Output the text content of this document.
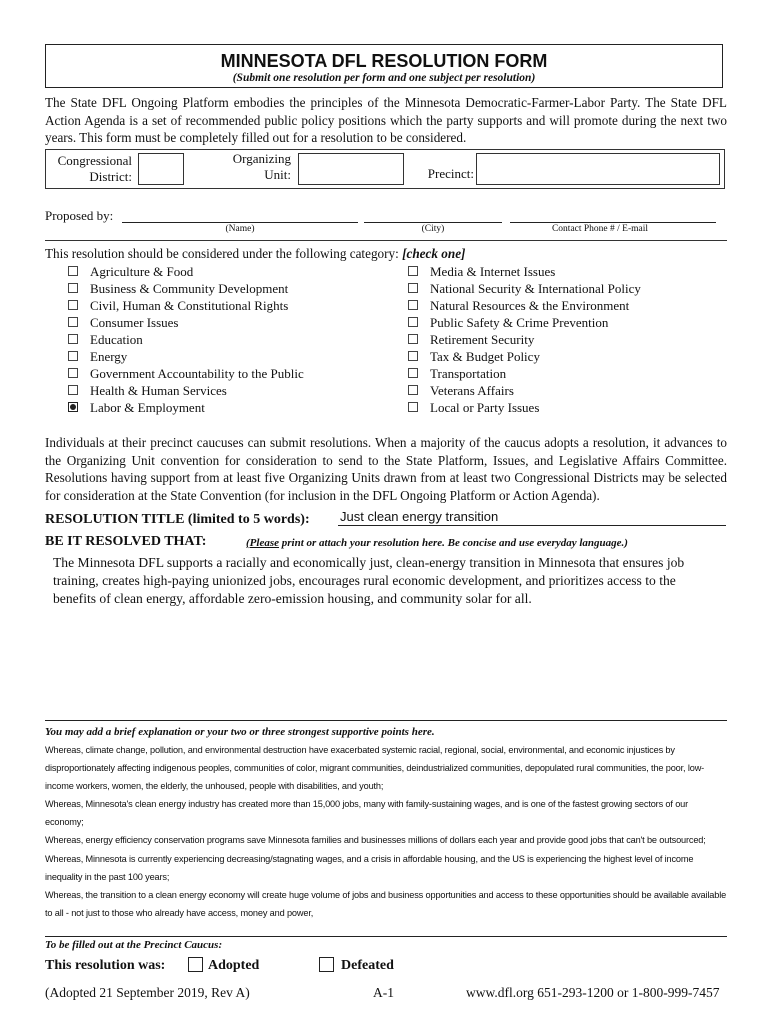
MINNESOTA DFL RESOLUTION FORM
(Submit one resolution per form and one subject per resolution)
The State DFL Ongoing Platform embodies the principles of the Minnesota Democratic-Farmer-Labor Party. The State DFL Action Agenda is a set of recommended public policy positions which the party supports and will promote during the next two years. This form must be completely filled out for a resolution to be considered.
Congressional
District:
Organizing
Unit:	Precinct:
Proposed by:
(Name)	(City)	Contact Phone # / E-mail
This resolution should be considered under the following category: [check one]
Agriculture & Food
Business & Community Development
Civil, Human & Constitutional Rights
Consumer Issues
Education
Energy
Government Accountability to the Public
Health & Human Services
Labor & Employment
Media & Internet Issues
National Security & International Policy
Natural Resources & the Environment
Public Safety & Crime Prevention
Retirement Security
Tax & Budget Policy
Transportation
Veterans Affairs
Local or Party Issues
Individuals at their precinct caucuses can submit resolutions. When a majority of the caucus adopts a resolution, it advances to the Organizing Unit convention for consideration to send to the State Platform, Issues, and Legislative Affairs Committee. Resolutions having support from at least five Organizing Units drawn from at least two Congressional Districts may be selected for consideration at the State Convention (for inclusion in the DFL Ongoing Platform or Action Agenda).
RESOLUTION TITLE (limited to 5 words): Just clean energy transition
BE IT RESOLVED THAT:	(Please print or attach your resolution here. Be concise and use everyday language.)
The Minnesota DFL supports a racially and economically just, clean-energy transition in Minnesota that ensures job training, creates high-paying unionized jobs, encourages rural economic development, and prioritizes access to the benefits of clean energy, affordable zero-emission housing, and community solar for all.
You may add a brief explanation or your two or three strongest supportive points here.

Whereas, climate change, pollution, and environmental destruction have exacerbated systemic racial, regional, social, environmental, and economic injustices by disproportionately affecting indigenous peoples, communities of color, migrant communities, deindustrialized communities, depopulated rural communities, the poor, low-income workers, women, the elderly, the unhoused, people with disabilities, and youth;

Whereas, Minnesota's clean energy industry has created more than 15,000 jobs, many with family-sustaining wages, and is one of the fastest growing sectors of our economy;

Whereas, energy efficiency conservation programs save Minnesota families and businesses millions of dollars each year and provide good jobs that can't be outsourced;

Whereas, Minnesota is currently experiencing decreasing/stagnating wages, and a crisis in affordable housing, and the US is experiencing the highest level of income inequality in the past 100 years;

Whereas, the transition to a clean energy economy will create huge volume of jobs and business opportunities and access to these opportunities should be available available to all - not just to those who already have access, money and power,

To be filled out at the Precinct Caucus:
This resolution was:	Adopted	Defeated
(Adopted 21 September 2019, Rev A)	A-1	www.dfl.org 651-293-1200 or 1-800-999-7457
